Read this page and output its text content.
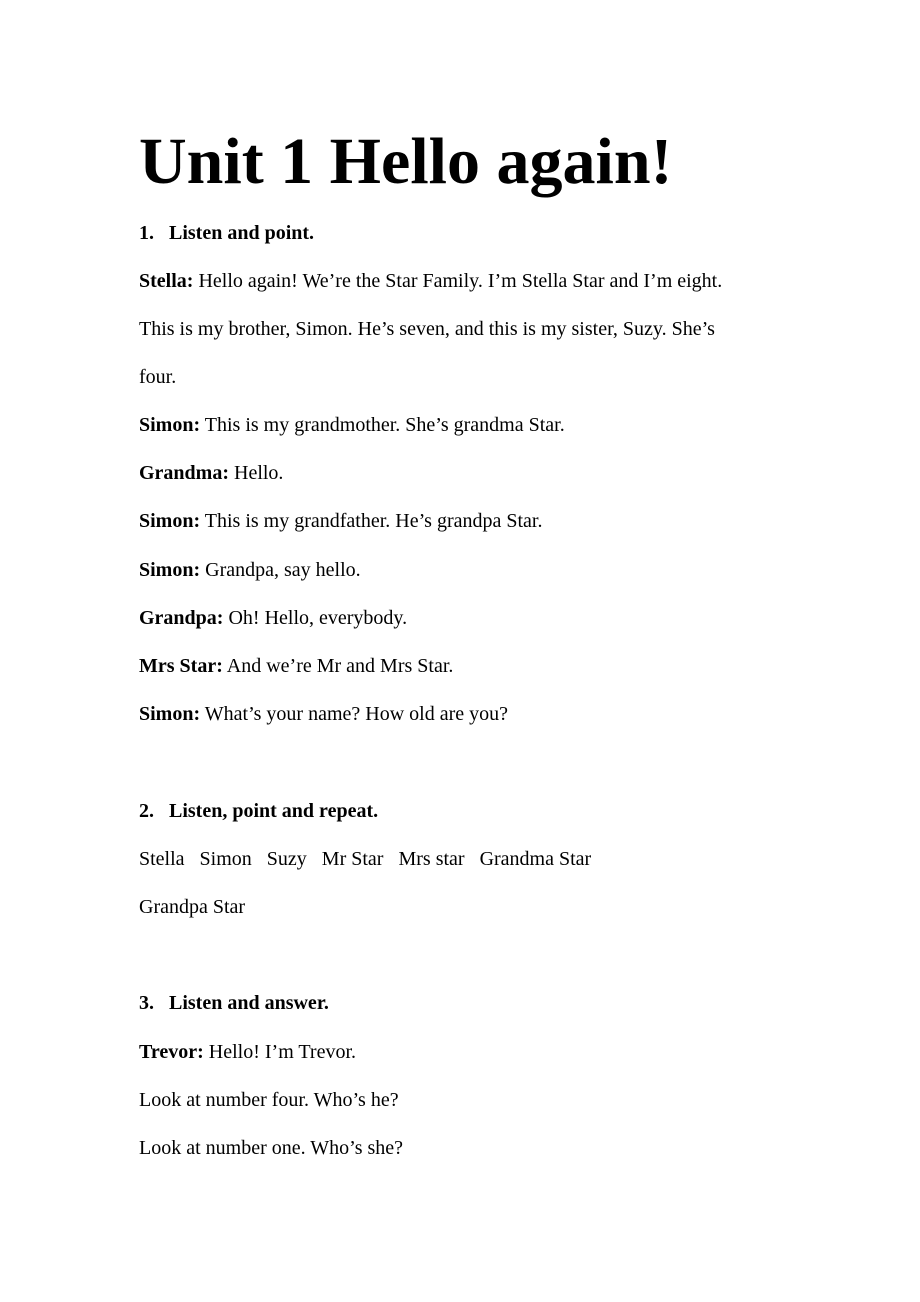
Unit 1 Hello again!

1. Listen and point.

Stella: Hello again! We’re the Star Family. I’m Stella Star and I’m eight.

This is my brother, Simon. He’s seven, and this is my sister, Suzy. She’s

four.

Simon: This is my grandmother. She’s grandma Star.

Grandma: Hello.

Simon: This is my grandfather. He’s grandpa Star.

Simon: Grandpa, say hello.

Grandpa: Oh! Hello, everybody.

Mrs Star: And we’re Mr and Mrs Star.

Simon: What’s your name? How old are you?

2. Listen, point and repeat.

Stella Simon Suzy Mr Star Mrs star Grandma Star

Grandpa Star

3. Listen and answer.

Trevor: Hello! I’m Trevor.

Look at number four. Who’s he?

Look at number one. Who’s she?
